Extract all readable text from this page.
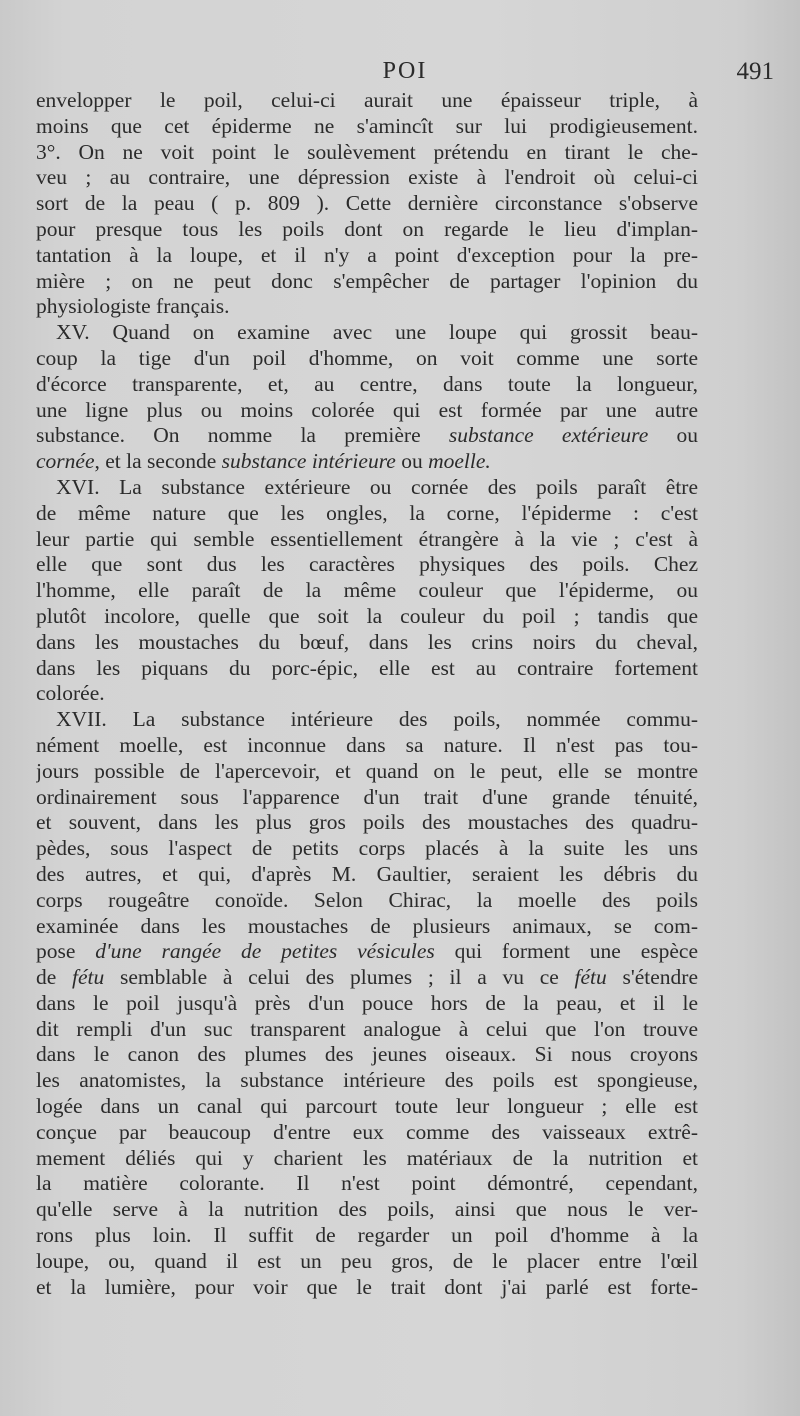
POI	491
envelopper le poil, celui-ci aurait une épaisseur triple, à
moins que cet épiderme ne s'amincît sur lui prodigieusement.
3°. On ne voit point le soulèvement prétendu en tirant le che-
veu ; au contraire, une dépression existe à l'endroit où celui-ci
sort de la peau ( p. 809 ). Cette dernière circonstance s'observe
pour presque tous les poils dont on regarde le lieu d'implan-
tantation à la loupe, et il n'y a point d'exception pour la pre-
mière ; on ne peut donc s'empêcher de partager l'opinion du
physiologiste français.
XV. Quand on examine avec une loupe qui grossit beau-
coup la tige d'un poil d'homme, on voit comme une sorte
d'écorce transparente, et, au centre, dans toute la longueur,
une ligne plus ou moins colorée qui est formée par une autre
substance. On nomme la première substance extérieure ou
cornée, et la seconde substance intérieure ou moelle.
XVI. La substance extérieure ou cornée des poils paraît être
de même nature que les ongles, la corne, l'épiderme : c'est
leur partie qui semble essentiellement étrangère à la vie ; c'est à
elle que sont dus les caractères physiques des poils. Chez
l'homme, elle paraît de la même couleur que l'épiderme, ou
plutôt incolore, quelle que soit la couleur du poil ; tandis que
dans les moustaches du bœuf, dans les crins noirs du cheval,
dans les piquans du porc-épic, elle est au contraire fortement
colorée.
XVII. La substance intérieure des poils, nommée commu-
nément moelle, est inconnue dans sa nature. Il n'est pas tou-
jours possible de l'apercevoir, et quand on le peut, elle se montre
ordinairement sous l'apparence d'un trait d'une grande ténuité,
et souvent, dans les plus gros poils des moustaches des quadru-
pèdes, sous l'aspect de petits corps placés à la suite les uns
des autres, et qui, d'après M. Gaultier, seraient les débris du
corps rougeâtre conoïde. Selon Chirac, la moelle des poils
examinée dans les moustaches de plusieurs animaux, se com-
pose d'une rangée de petites vésicules qui forment une espèce
de fétu semblable à celui des plumes ; il a vu ce fétu s'étendre
dans le poil jusqu'à près d'un pouce hors de la peau, et il le
dit rempli d'un suc transparent analogue à celui que l'on trouve
dans le canon des plumes des jeunes oiseaux. Si nous croyons
les anatomistes, la substance intérieure des poils est spongieuse,
logée dans un canal qui parcourt toute leur longueur ; elle est
conçue par beaucoup d'entre eux comme des vaisseaux extrê-
mement déliés qui y charient les matériaux de la nutrition et
la matière colorante. Il n'est point démontré, cependant,
qu'elle serve à la nutrition des poils, ainsi que nous le ver-
rons plus loin. Il suffit de regarder un poil d'homme à la
loupe, ou, quand il est un peu gros, de le placer entre l'œil
et la lumière, pour voir que le trait dont j'ai parlé est forte-
